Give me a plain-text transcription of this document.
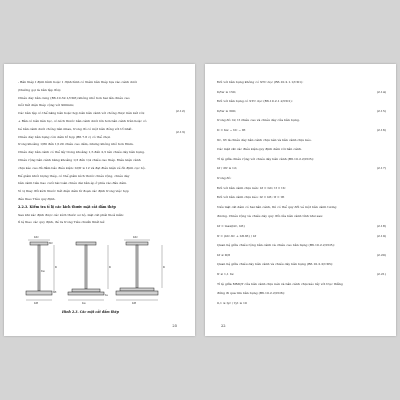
- Bản thép I định hình hoặc 1 định hình có thêm bản thép tựa vào cánh dưới
(thường gọi là bản tập đôi);
Chiều dày bản cung (B6.10.32.1/CD6) không nhỏ hơn hai lần chiều cao
mỗi tiết diện thép cộng với 900mm;
Các bản tập có thể nằng bản hoặc hợp bản bản cánh với chồng được liên kết với;
+ Bản có bản liên tục, có kích thước bản cánh dưới lớn hơn bản cánh trên hoặc có
bề bản cánh dưới chồng liên nhau, trong đó có một bản đồng với tổ nhất.
Chiều dày bản bụng còn dầm tổ hợp (B6.7.6 c) có thể chọn
trong khoảng 1/80 đến 1/120 chiều cao dầm, nhưng không nhỏ hơn 8mm.
Chiều dày bản cánh có thể lấy trong khoảng 1,5 đến 2,5 lần chiều dày bản bụng.
Chiều rộng bản cánh bằng khoảng 1/3 đến 1/4 chiều cao thép. Điều kiện cánh
chịu kéo cao đủ đảm bảo điều kiện: bt/tf ≤ 12 và đạt điều kiện về ổn định cục bộ.
Để giảm khối lượng thép, có thể giảm kích thước chiều rộng, chiều dày
bản cánh tiêu hao cuối bài toán chiều dài bản ép ở phía vào đầu dầm.
Vì vị thay đổi kích thước tiết diện dầm từ đoạn các định trong việc hợp
đầu theo TIêu quy định.
2.2.3. Kiểm tra tỉ lệ các kích thước mặt cắt dầm thép
Sau khi xác định được các kích thước sơ bộ, mặt cắt phải thoả mãn:
tỉ lệ theo các quy định, đề ra trong Tiêu chuẩn thiết kế:
(2.12)
(2.13)
bfc
D
tw
bft
tfc
tft
D
bs
ts
D
bft
bfc
Hình 2.3. Các mặt cắt dầm thép
25
Đối với bản bụng không có STC dọc (B6.10.2.1.1/CD1):
D/tw ≤ 150;
Đối với bản bụng có STC dọc (B6.10.2.1.2/CD1):
D/tw ≤ 300;
trong đó: bf, tf chiều cao và chiều dày của bản bụng.
D = hw − tfc − tft
tfc, tft là chiều dày bản cánh chịu nén và bản cánh chịu kéo.
Các mặt cắt các điều kiện quy định dầm với bản cánh.
Tỉ lệ giữa chiều rộng với chiều dày bản cánh (B6.10.2.2/CD5):
bf / 2tf ≤ 12;
trong đó:
Đối với bản cánh chịu nén: bf = bfc; tf = tfc
Đối với bản cánh chịu kéo: bf = bft; tf = tft
Nếu mặt cắt dầm có hai bản cánh, thì có thể quy đổi về một bản cánh tương
đương. Chiều rộng và chiều dày quy đổi của bản cánh tính như sau:
bf = max(bfc, bft)
tf = (bfc·tfc + bft·tft) / bf
Quan hệ giữa chiều rộng bản cánh và chiều cao bản bụng (B6.10.2.2/CD5):
bf ≥ D/6
Quan hệ giữa chiều dày bản cánh và chiều dày bản bụng (B6.10.2.2/CD5):
tf ≥ 1,1 tw
Tỉ lệ giữa MMQT của bản cánh chịu nén và bản cánh chịu kéo lấy với trục thẳng
đứng đi qua tim bản bụng (B6.10.2.2/CD6):
0,1 ≤ Iyc / Iyt ≤ 10
(2.14)
(2.15)
(2.16)
(2.17)
(2.18)
(2.19)
(2.20)
(2.21)
22
